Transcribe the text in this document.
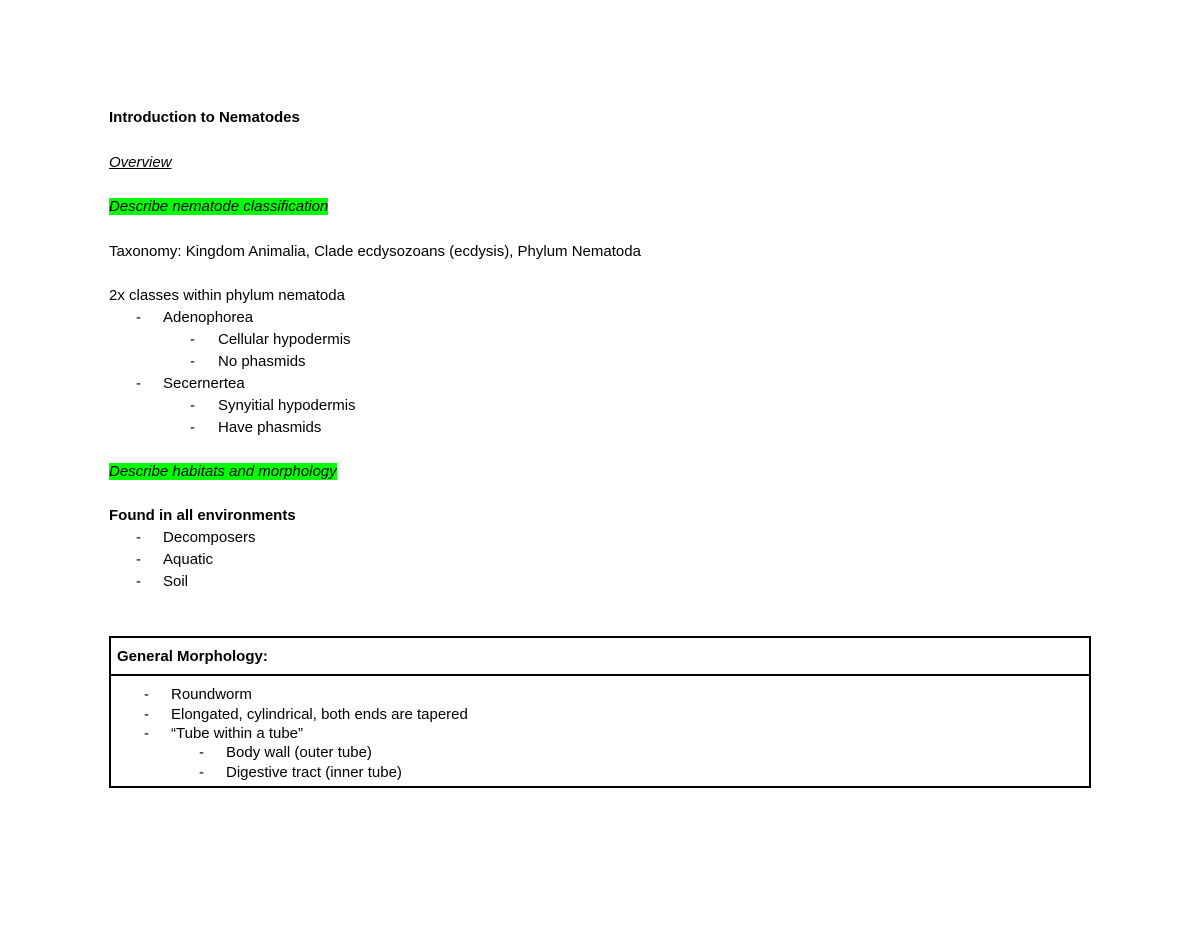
Introduction to Nematodes
Overview
Describe nematode classification
Taxonomy: Kingdom Animalia, Clade ecdysozoans (ecdysis), Phylum Nematoda
2x classes within phylum nematoda
- Adenophorea
- Cellular hypodermis
- No phasmids
- Secernertea
- Synyitial hypodermis
- Have phasmids
Describe habitats and morphology
Found in all environments
- Decomposers
- Aquatic
- Soil
General Morphology:
- Roundworm
- Elongated, cylindrical, both ends are tapered
- “Tube within a tube”
- Body wall (outer tube)
- Digestive tract (inner tube)
